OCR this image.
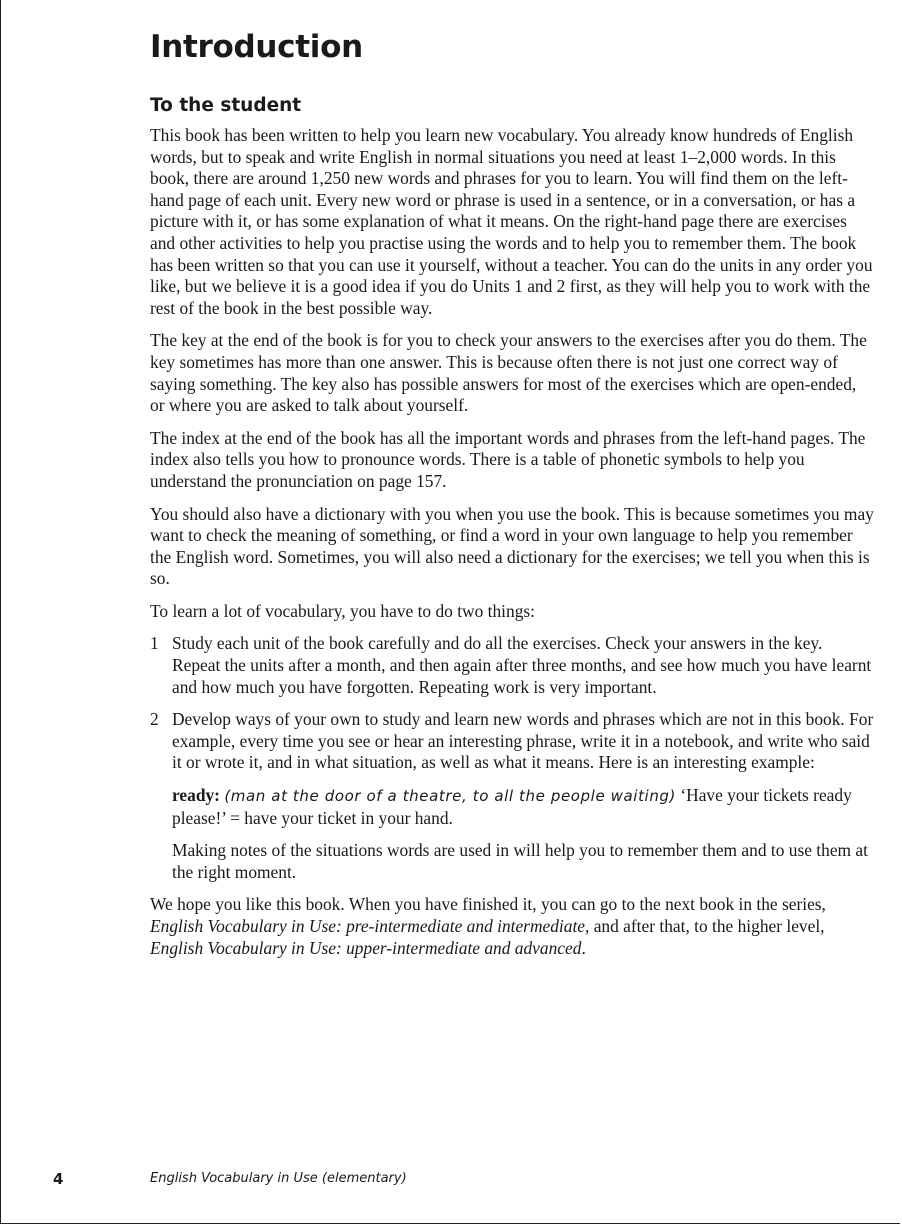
Introduction
To the student

This book has been written to help you learn new vocabulary. You already know hundreds of English words, but to speak and write English in normal situations you need at least 1–2,000 words. In this book, there are around 1,250 new words and phrases for you to learn. You will find them on the left-hand page of each unit. Every new word or phrase is used in a sentence, or in a conversation, or has a picture with it, or has some explanation of what it means. On the right-hand page there are exercises and other activities to help you practise using the words and to help you to remember them. The book has been written so that you can use it yourself, without a teacher. You can do the units in any order you like, but we believe it is a good idea if you do Units 1 and 2 first, as they will help you to work with the rest of the book in the best possible way.

The key at the end of the book is for you to check your answers to the exercises after you do them. The key sometimes has more than one answer. This is because often there is not just one correct way of saying something. The key also has possible answers for most of the exercises which are open-ended, or where you are asked to talk about yourself.

The index at the end of the book has all the important words and phrases from the left-hand pages. The index also tells you how to pronounce words. There is a table of phonetic symbols to help you understand the pronunciation on page 157.

You should also have a dictionary with you when you use the book. This is because sometimes you may want to check the meaning of something, or find a word in your own language to help you remember the English word. Sometimes, you will also need a dictionary for the exercises; we tell you when this is so.

To learn a lot of vocabulary, you have to do two things:

1 Study each unit of the book carefully and do all the exercises. Check your answers in the key. Repeat the units after a month, and then again after three months, and see how much you have learnt and how much you have forgotten. Repeating work is very important.

2 Develop ways of your own to study and learn new words and phrases which are not in this book. For example, every time you see or hear an interesting phrase, write it in a notebook, and write who said it or wrote it, and in what situation, as well as what it means. Here is an interesting example:

ready: (man at the door of a theatre, to all the people waiting) ‘Have your tickets ready please!’ = have your ticket in your hand.

Making notes of the situations words are used in will help you to remember them and to use them at the right moment.

We hope you like this book. When you have finished it, you can go to the next book in the series, English Vocabulary in Use: pre-intermediate and intermediate, and after that, to the higher level, English Vocabulary in Use: upper-intermediate and advanced.

4	English Vocabulary in Use (elementary)
